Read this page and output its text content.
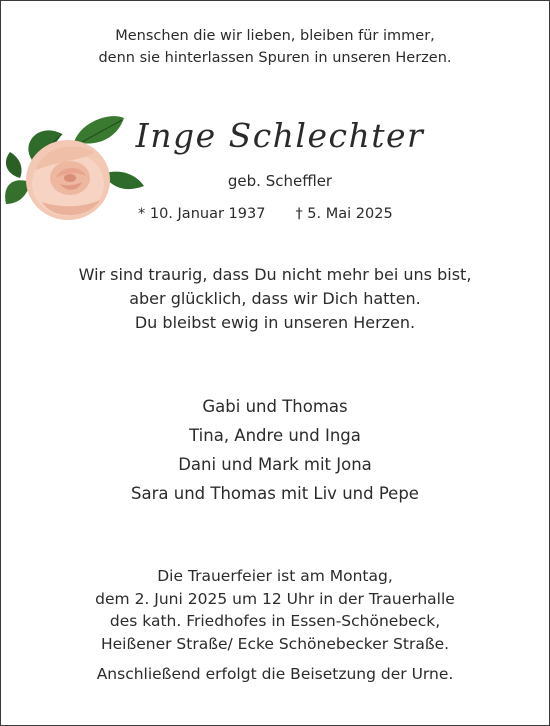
Menschen die wir lieben, bleiben für immer,
denn sie hinterlassen Spuren in unseren Herzen.
Inge Schlechter
geb. Scheffler
* 10. Januar 1937 † 5. Mai 2025
Wir sind traurig, dass Du nicht mehr bei uns bist,
aber glücklich, dass wir Dich hatten.
Du bleibst ewig in unseren Herzen.
Gabi und Thomas
Tina, Andre und Inga
Dani und Mark mit Jona
Sara und Thomas mit Liv und Pepe
Die Trauerfeier ist am Montag,
dem 2. Juni 2025 um 12 Uhr in der Trauerhalle
des kath. Friedhofes in Essen-Schönebeck,
Heißener Straße/ Ecke Schönebecker Straße.
Anschließend erfolgt die Beisetzung der Urne.
